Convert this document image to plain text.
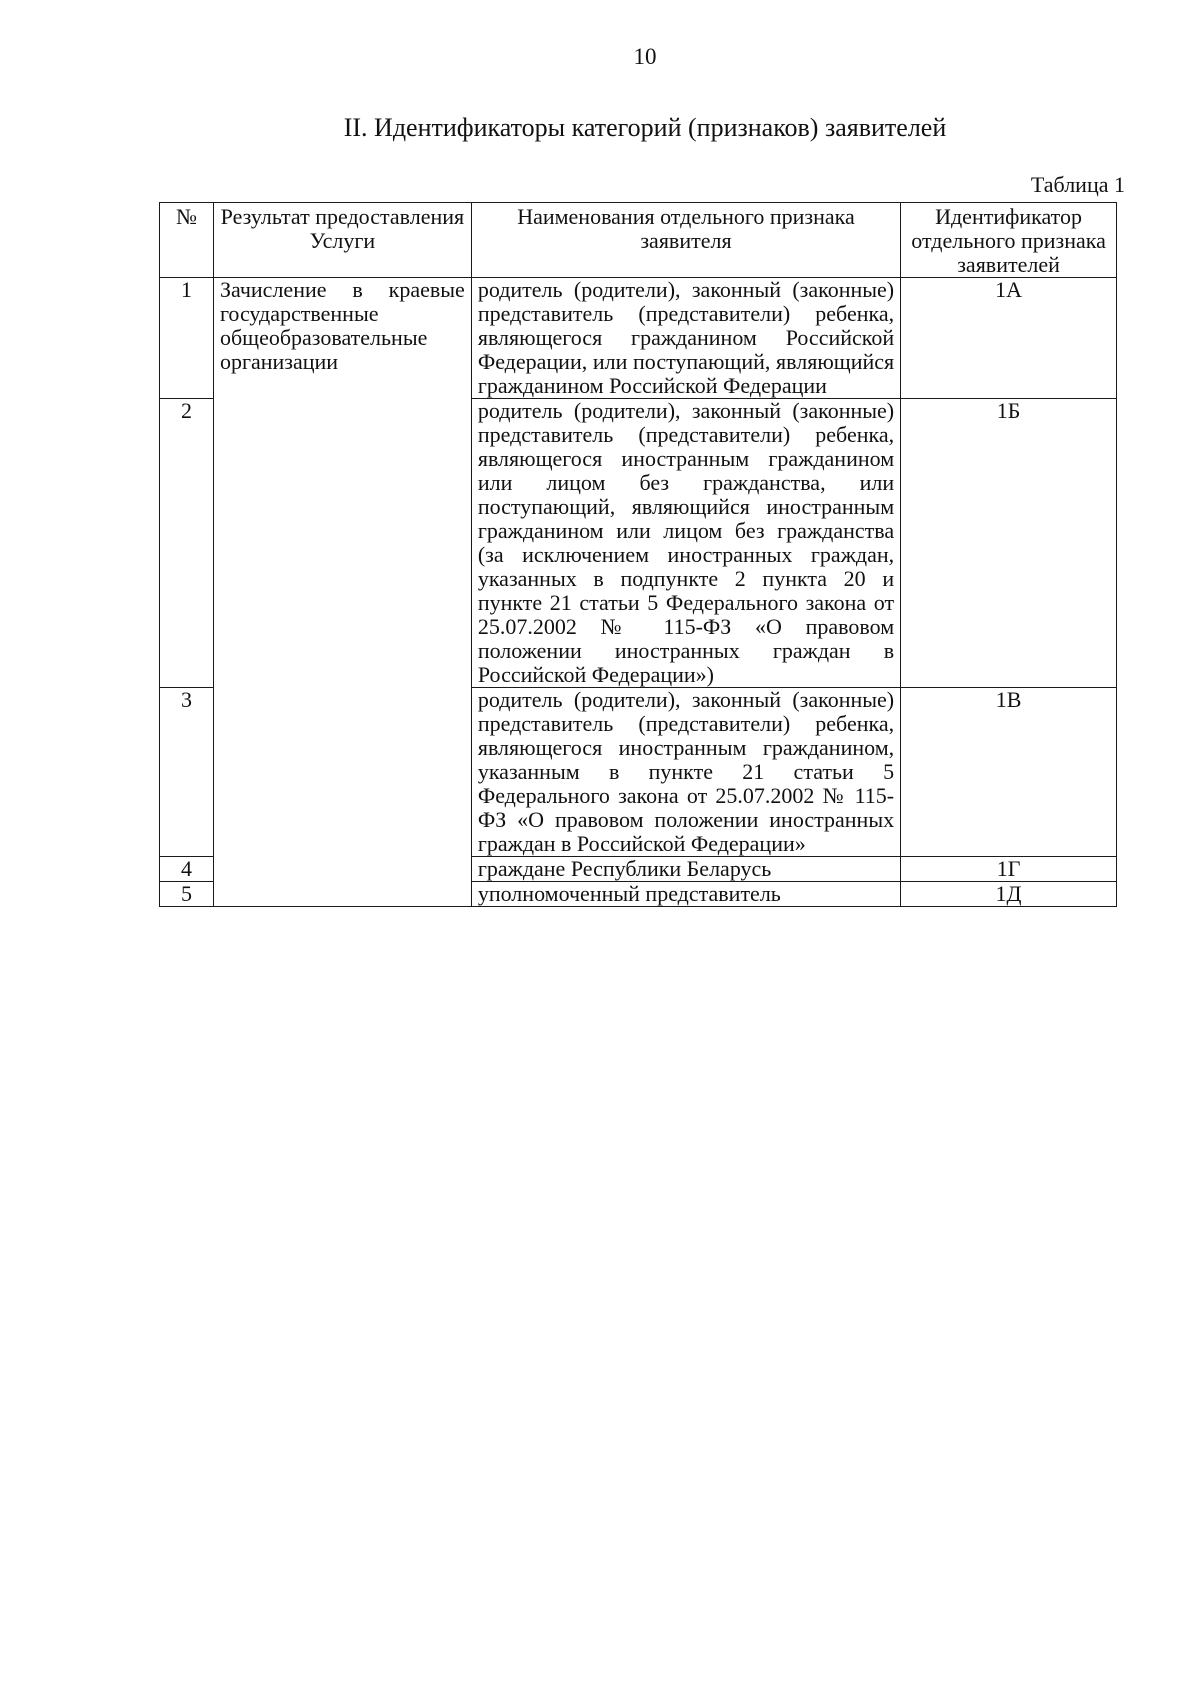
10
II. Идентификаторы категорий (признаков) заявителей
Таблица 1
№	Результат предоставления Услуги	Наименования отдельного признака заявителя	Идентификатор отдельного признака заявителей
1	Зачисление в краевые государственные общеобразовательные организации	родитель (родители), законный (законные) представитель (представители) ребенка, являющегося гражданином Российской Федерации, или поступающий, являющийся гражданином Российской Федерации	1А
2		родитель (родители), законный (законные) представитель (представители) ребенка, являющегося иностранным гражданином или лицом без гражданства, или поступающий, являющийся иностранным гражданином или лицом без гражданства (за исключением иностранных граждан, указанных в подпункте 2 пункта 20 и пункте 21 статьи 5 Федерального закона от 25.07.2002 № 115-ФЗ «О правовом положении иностранных граждан в Российской Федерации»)	1Б
3		родитель (родители), законный (законные) представитель (представители) ребенка, являющегося иностранным гражданином, указанным в пункте 21 статьи 5 Федерального закона от 25.07.2002 № 115-ФЗ «О правовом положении иностранных граждан в Российской Федерации»	1В
4		граждане Республики Беларусь	1Г
5		уполномоченный представитель	1Д
